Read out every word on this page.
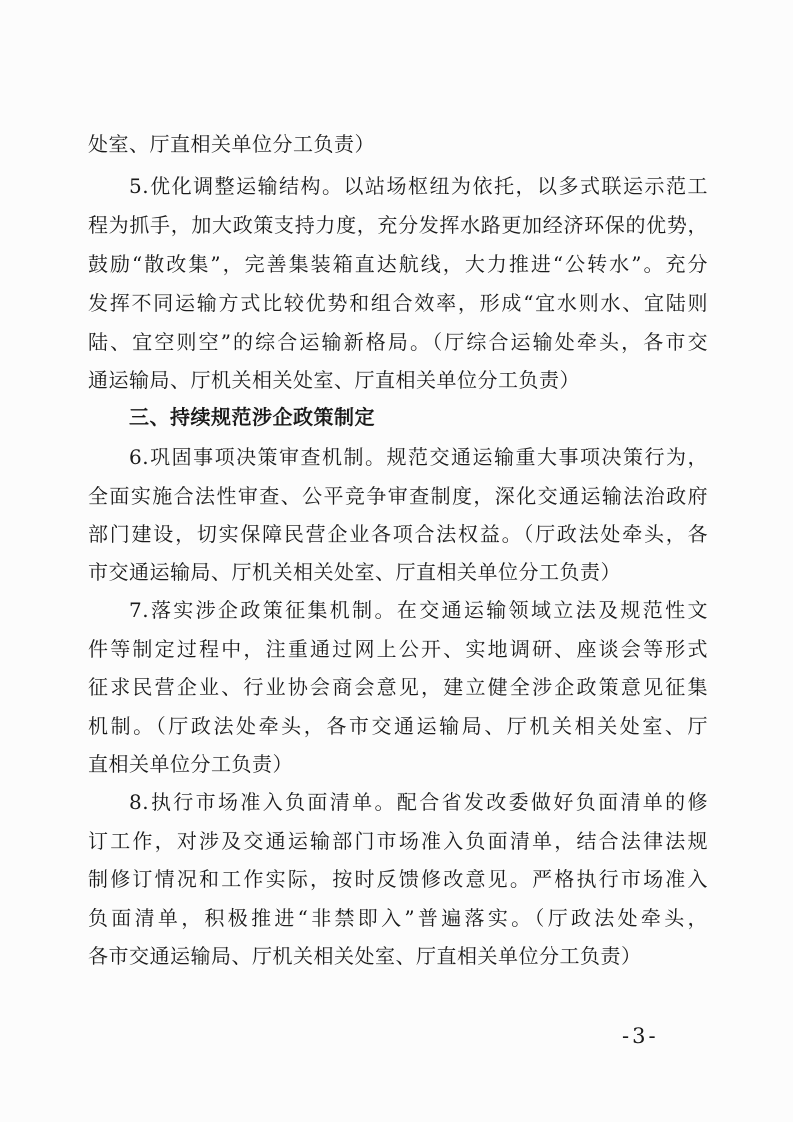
处室、厅直相关单位分工负责）
5.优化调整运输结构。以站场枢纽为依托，以多式联运示范工
程为抓手，加大政策支持力度，充分发挥水路更加经济环保的优势，
鼓励“散改集”，完善集装箱直达航线，大力推进“公转水”。充分
发挥不同运输方式比较优势和组合效率，形成“宜水则水、宜陆则
陆、宜空则空”的综合运输新格局。（厅综合运输处牵头，各市交
通运输局、厅机关相关处室、厅直相关单位分工负责）
三、持续规范涉企政策制定
6.巩固事项决策审查机制。规范交通运输重大事项决策行为，
全面实施合法性审查、公平竞争审查制度，深化交通运输法治政府
部门建设，切实保障民营企业各项合法权益。（厅政法处牵头，各
市交通运输局、厅机关相关处室、厅直相关单位分工负责）
7.落实涉企政策征集机制。在交通运输领域立法及规范性文
件等制定过程中，注重通过网上公开、实地调研、座谈会等形式
征求民营企业、行业协会商会意见，建立健全涉企政策意见征集
机制。（厅政法处牵头，各市交通运输局、厅机关相关处室、厅
直相关单位分工负责）
8.执行市场准入负面清单。配合省发改委做好负面清单的修
订工作，对涉及交通运输部门市场准入负面清单，结合法律法规
制修订情况和工作实际，按时反馈修改意见。严格执行市场准入
负面清单，积极推进“非禁即入”普遍落实。（厅政法处牵头，
各市交通运输局、厅机关相关处室、厅直相关单位分工负责）
-3-
